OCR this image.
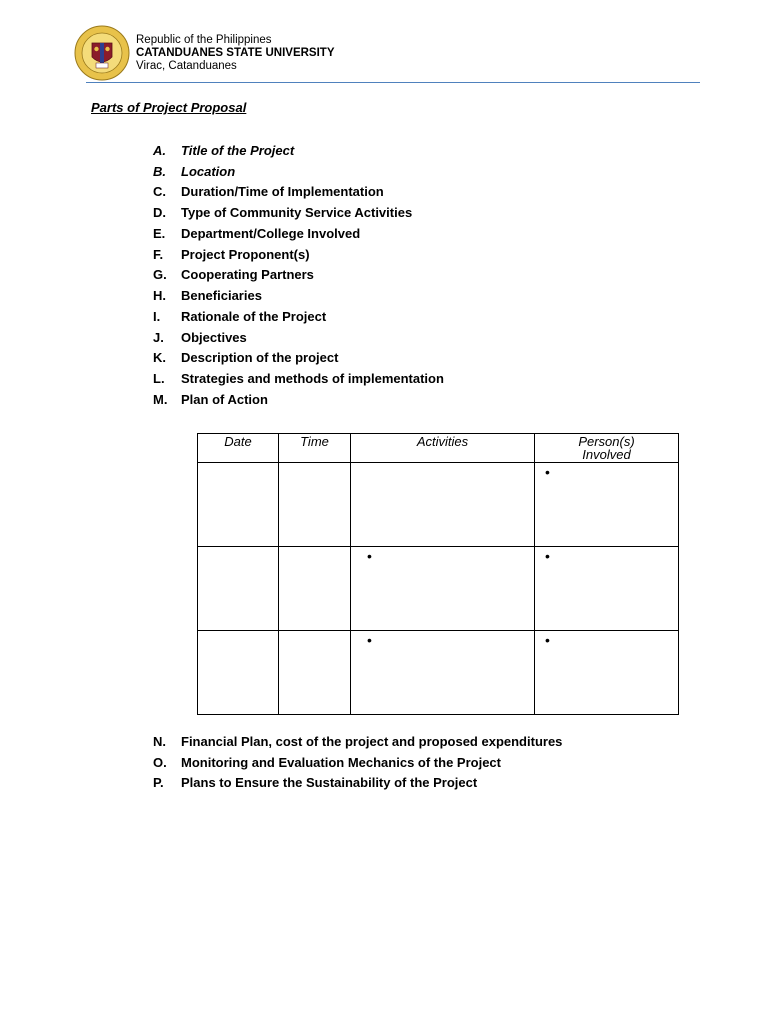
Republic of the Philippines
CATANDUANES STATE UNIVERSITY
Virac, Catanduanes
Parts of Project Proposal
A.	Title of the Project
B.	Location
C.	Duration/Time of Implementation
D.	Type of Community Service Activities
E.	Department/College Involved
F.	Project Proponent(s)
G.	Cooperating Partners
H.	Beneficiaries
I.	Rationale of the Project
J.	Objectives
K.	Description of the project
L.	Strategies and methods of implementation
M.	Plan of Action
Date	Time	Activities	Person(s)
Involved

			•

		•	•

		•	•
N.	Financial Plan, cost of the project and proposed expenditures
O.	Monitoring and Evaluation Mechanics of the Project
P.	Plans to Ensure the Sustainability of the Project
